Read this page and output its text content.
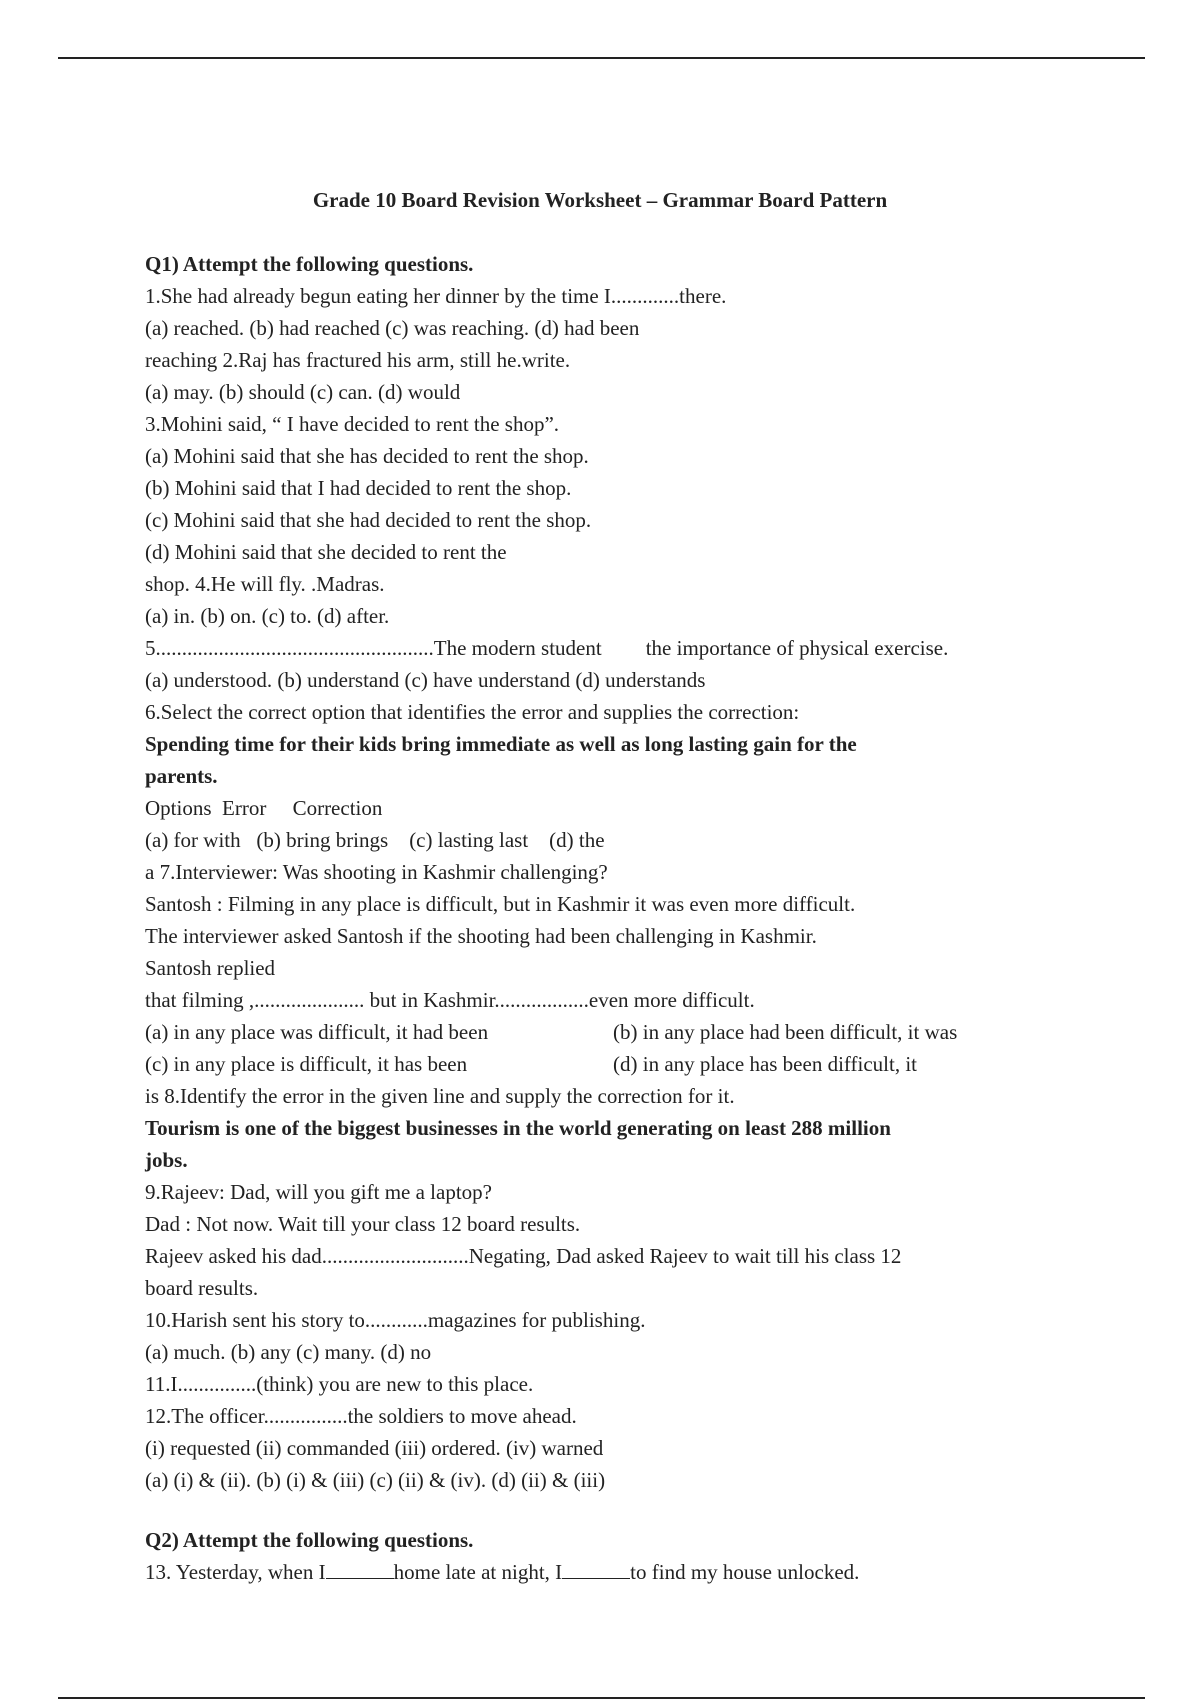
Grade 10 Board Revision Worksheet – Grammar Board Pattern
Q1) Attempt the following questions.
1.She had already begun eating her dinner by the time I.............there.
(a) reached. (b) had reached (c) was reaching. (d) had been
reaching 2.Raj has fractured his arm, still he.write.
(a) may. (b) should (c) can. (d) would
3.Mohini said, “ I have decided to rent the shop”.
(a) Mohini said that she has decided to rent the shop.
(b) Mohini said that I had decided to rent the shop.
(c) Mohini said that she had decided to rent the shop.
(d) Mohini said that she decided to rent the
shop. 4.He will fly. .Madras.
(a) in. (b) on. (c) to. (d) after.
5.....................................................The modern student the importance of physical exercise.
(a) understood. (b) understand (c) have understand (d) understands
6.Select the correct option that identifies the error and supplies the correction:
Spending time for their kids bring immediate as well as long lasting gain for the
parents.
Options  Error     Correction
(a) for with   (b) bring brings    (c) lasting last    (d) the
a 7.Interviewer: Was shooting in Kashmir challenging?
Santosh : Filming in any place is difficult, but in Kashmir it was even more difficult.
The interviewer asked Santosh if the shooting had been challenging in Kashmir.
Santosh replied
that filming ,..................... but in Kashmir..................even more difficult.
(a) in any place was difficult, it had been	(b) in any place had been difficult, it was
(c) in any place is difficult, it has been	(d) in any place has been difficult, it
is 8.Identify the error in the given line and supply the correction for it.
Tourism is one of the biggest businesses in the world generating on least 288 million
jobs.
9.Rajeev: Dad, will you gift me a laptop?
Dad : Not now. Wait till your class 12 board results.
Rajeev asked his dad............................Negating, Dad asked Rajeev to wait till his class 12
board results.
10.Harish sent his story to............magazines for publishing.
(a) much. (b) any (c) many. (d) no
11.I...............(think) you are new to this place.
12.The officer................the soldiers to move ahead.
(i) requested (ii) commanded (iii) ordered. (iv) warned
(a) (i) & (ii). (b) (i) & (iii) (c) (ii) & (iv). (d) (ii) & (iii)
Q2) Attempt the following questions.
13. Yesterday, when I	home late at night, I	to find my house unlocked.
